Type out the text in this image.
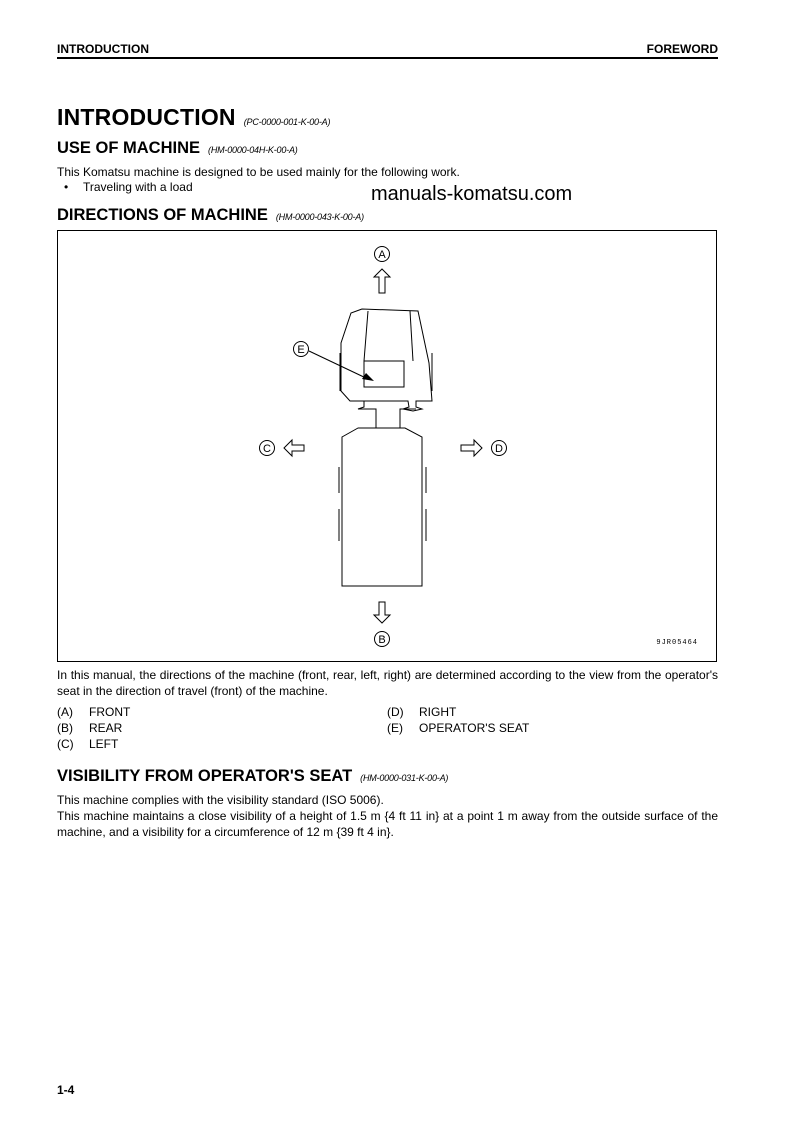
INTRODUCTION	FOREWORD
INTRODUCTION (PC-0000-001-K-00-A)
USE OF MACHINE (HM-0000-04H-K-00-A)
This Komatsu machine is designed to be used mainly for the following work.
• Traveling with a load	manuals-komatsu.com
DIRECTIONS OF MACHINE (HM-0000-043-K-00-A)
A
B
C	D
E
9JR05464
In this manual, the directions of the machine (front, rear, left, right) are determined according to the view from the operator's seat in the direction of travel (front) of the machine.
(A) FRONT
(B) REAR
(C) LEFT
(D) RIGHT
(E) OPERATOR'S SEAT
VISIBILITY FROM OPERATOR'S SEAT (HM-0000-031-K-00-A)
This machine complies with the visibility standard (ISO 5006).
This machine maintains a close visibility of a height of 1.5 m {4 ft 11 in} at a point 1 m away from the outside surface of the machine, and a visibility for a circumference of 12 m {39 ft 4 in}.
1-4
